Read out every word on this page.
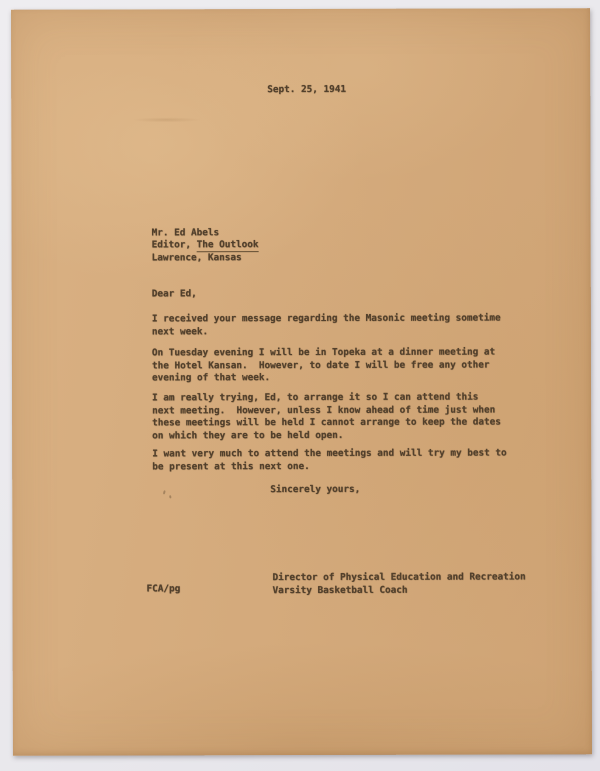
Sept. 25, 1941
Mr. Ed Abels
Editor, The Outlook
Lawrence, Kansas
Dear Ed,
I received your message regarding the Masonic meeting sometime
next week.
On Tuesday evening I will be in Topeka at a dinner meeting at
the Hotel Kansan.  However, to date I will be free any other
evening of that week.
I am really trying, Ed, to arrange it so I can attend this
next meeting.  However, unless I know ahead of time just when
these meetings will be held I cannot arrange to keep the dates
on which they are to be held open.
I want very much to attend the meetings and will try my best to
be present at this next one.
Sincerely yours,
Director of Physical Education and Recreation
Varsity Basketball Coach
FCA/pg
